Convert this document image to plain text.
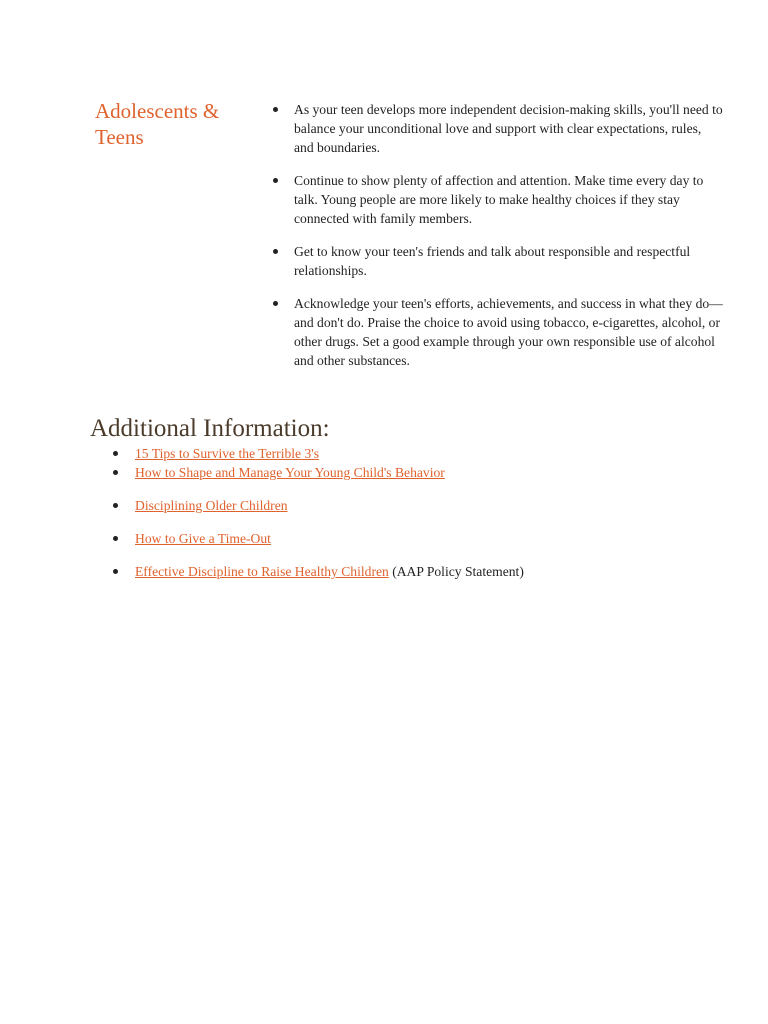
Adolescents & Teens
As your teen develops more independent decision-making skills, you'll need to balance your unconditional love and support with clear expectations, rules, and boundaries.
Continue to show plenty of affection and attention. Make time every day to talk. Young people are more likely to make healthy choices if they stay connected with family members.
Get to know your teen's friends and talk about responsible and respectful relationships.
Acknowledge your teen's efforts, achievements, and success in what they do—and don't do. Praise the choice to avoid using tobacco, e-cigarettes, alcohol, or other drugs. Set a good example through your own responsible use of alcohol and other substances.
Additional Information:
15 Tips to Survive the Terrible 3's
How to Shape and Manage Your Young Child's Behavior
Disciplining Older Children
How to Give a Time-Out
Effective Discipline to Raise Healthy Children (AAP Policy Statement)
